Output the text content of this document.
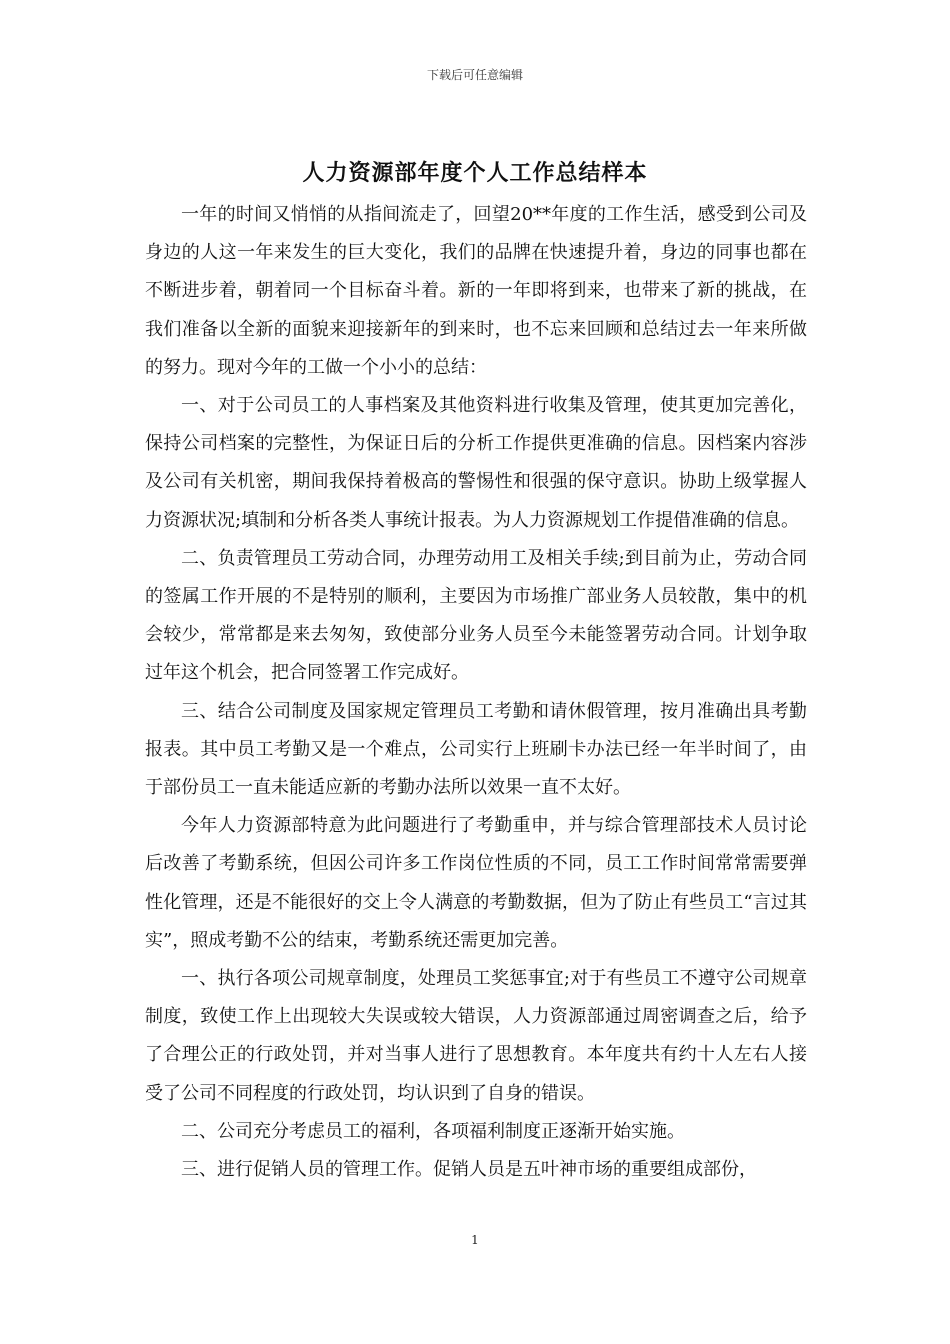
下载后可任意编辑
人力资源部年度个人工作总结样本

一年的时间又悄悄的从指间流走了，回望20**年度的工作生活，感受到公司及身边的人这一年来发生的巨大变化，我们的品牌在快速提升着，身边的同事也都在不断进步着，朝着同一个目标奋斗着。新的一年即将到来，也带来了新的挑战，在我们准备以全新的面貌来迎接新年的到来时，也不忘来回顾和总结过去一年来所做的努力。现对今年的工做一个小小的总结：

一、对于公司员工的人事档案及其他资料进行收集及管理，使其更加完善化，保持公司档案的完整性，为保证日后的分析工作提供更准确的信息。因档案内容涉及公司有关机密，期间我保持着极高的警惕性和很强的保守意识。协助上级掌握人力资源状况;填制和分析各类人事统计报表。为人力资源规划工作提借准确的信息。

二、负责管理员工劳动合同，办理劳动用工及相关手续;到目前为止，劳动合同的签属工作开展的不是特别的顺利，主要因为市场推广部业务人员较散，集中的机会较少，常常都是来去匆匆，致使部分业务人员至今未能签署劳动合同。计划争取过年这个机会，把合同签署工作完成好。

三、结合公司制度及国家规定管理员工考勤和请休假管理，按月准确出具考勤报表。其中员工考勤又是一个难点，公司实行上班刷卡办法已经一年半时间了，由于部份员工一直未能适应新的考勤办法所以效果一直不太好。

今年人力资源部特意为此问题进行了考勤重申，并与综合管理部技术人员讨论后改善了考勤系统，但因公司许多工作岗位性质的不同，员工工作时间常常需要弹性化管理，还是不能很好的交上令人满意的考勤数据，但为了防止有些员工“言过其实”，照成考勤不公的结束，考勤系统还需更加完善。

一、执行各项公司规章制度，处理员工奖惩事宜;对于有些员工不遵守公司规章制度，致使工作上出现较大失误或较大错误，人力资源部通过周密调查之后，给予了合理公正的行政处罚，并对当事人进行了思想教育。本年度共有约十人左右人接受了公司不同程度的行政处罚，均认识到了自身的错误。

二、公司充分考虑员工的福利，各项福利制度正逐渐开始实施。

三、进行促销人员的管理工作。促销人员是五叶神市场的重要组成部份，

1
